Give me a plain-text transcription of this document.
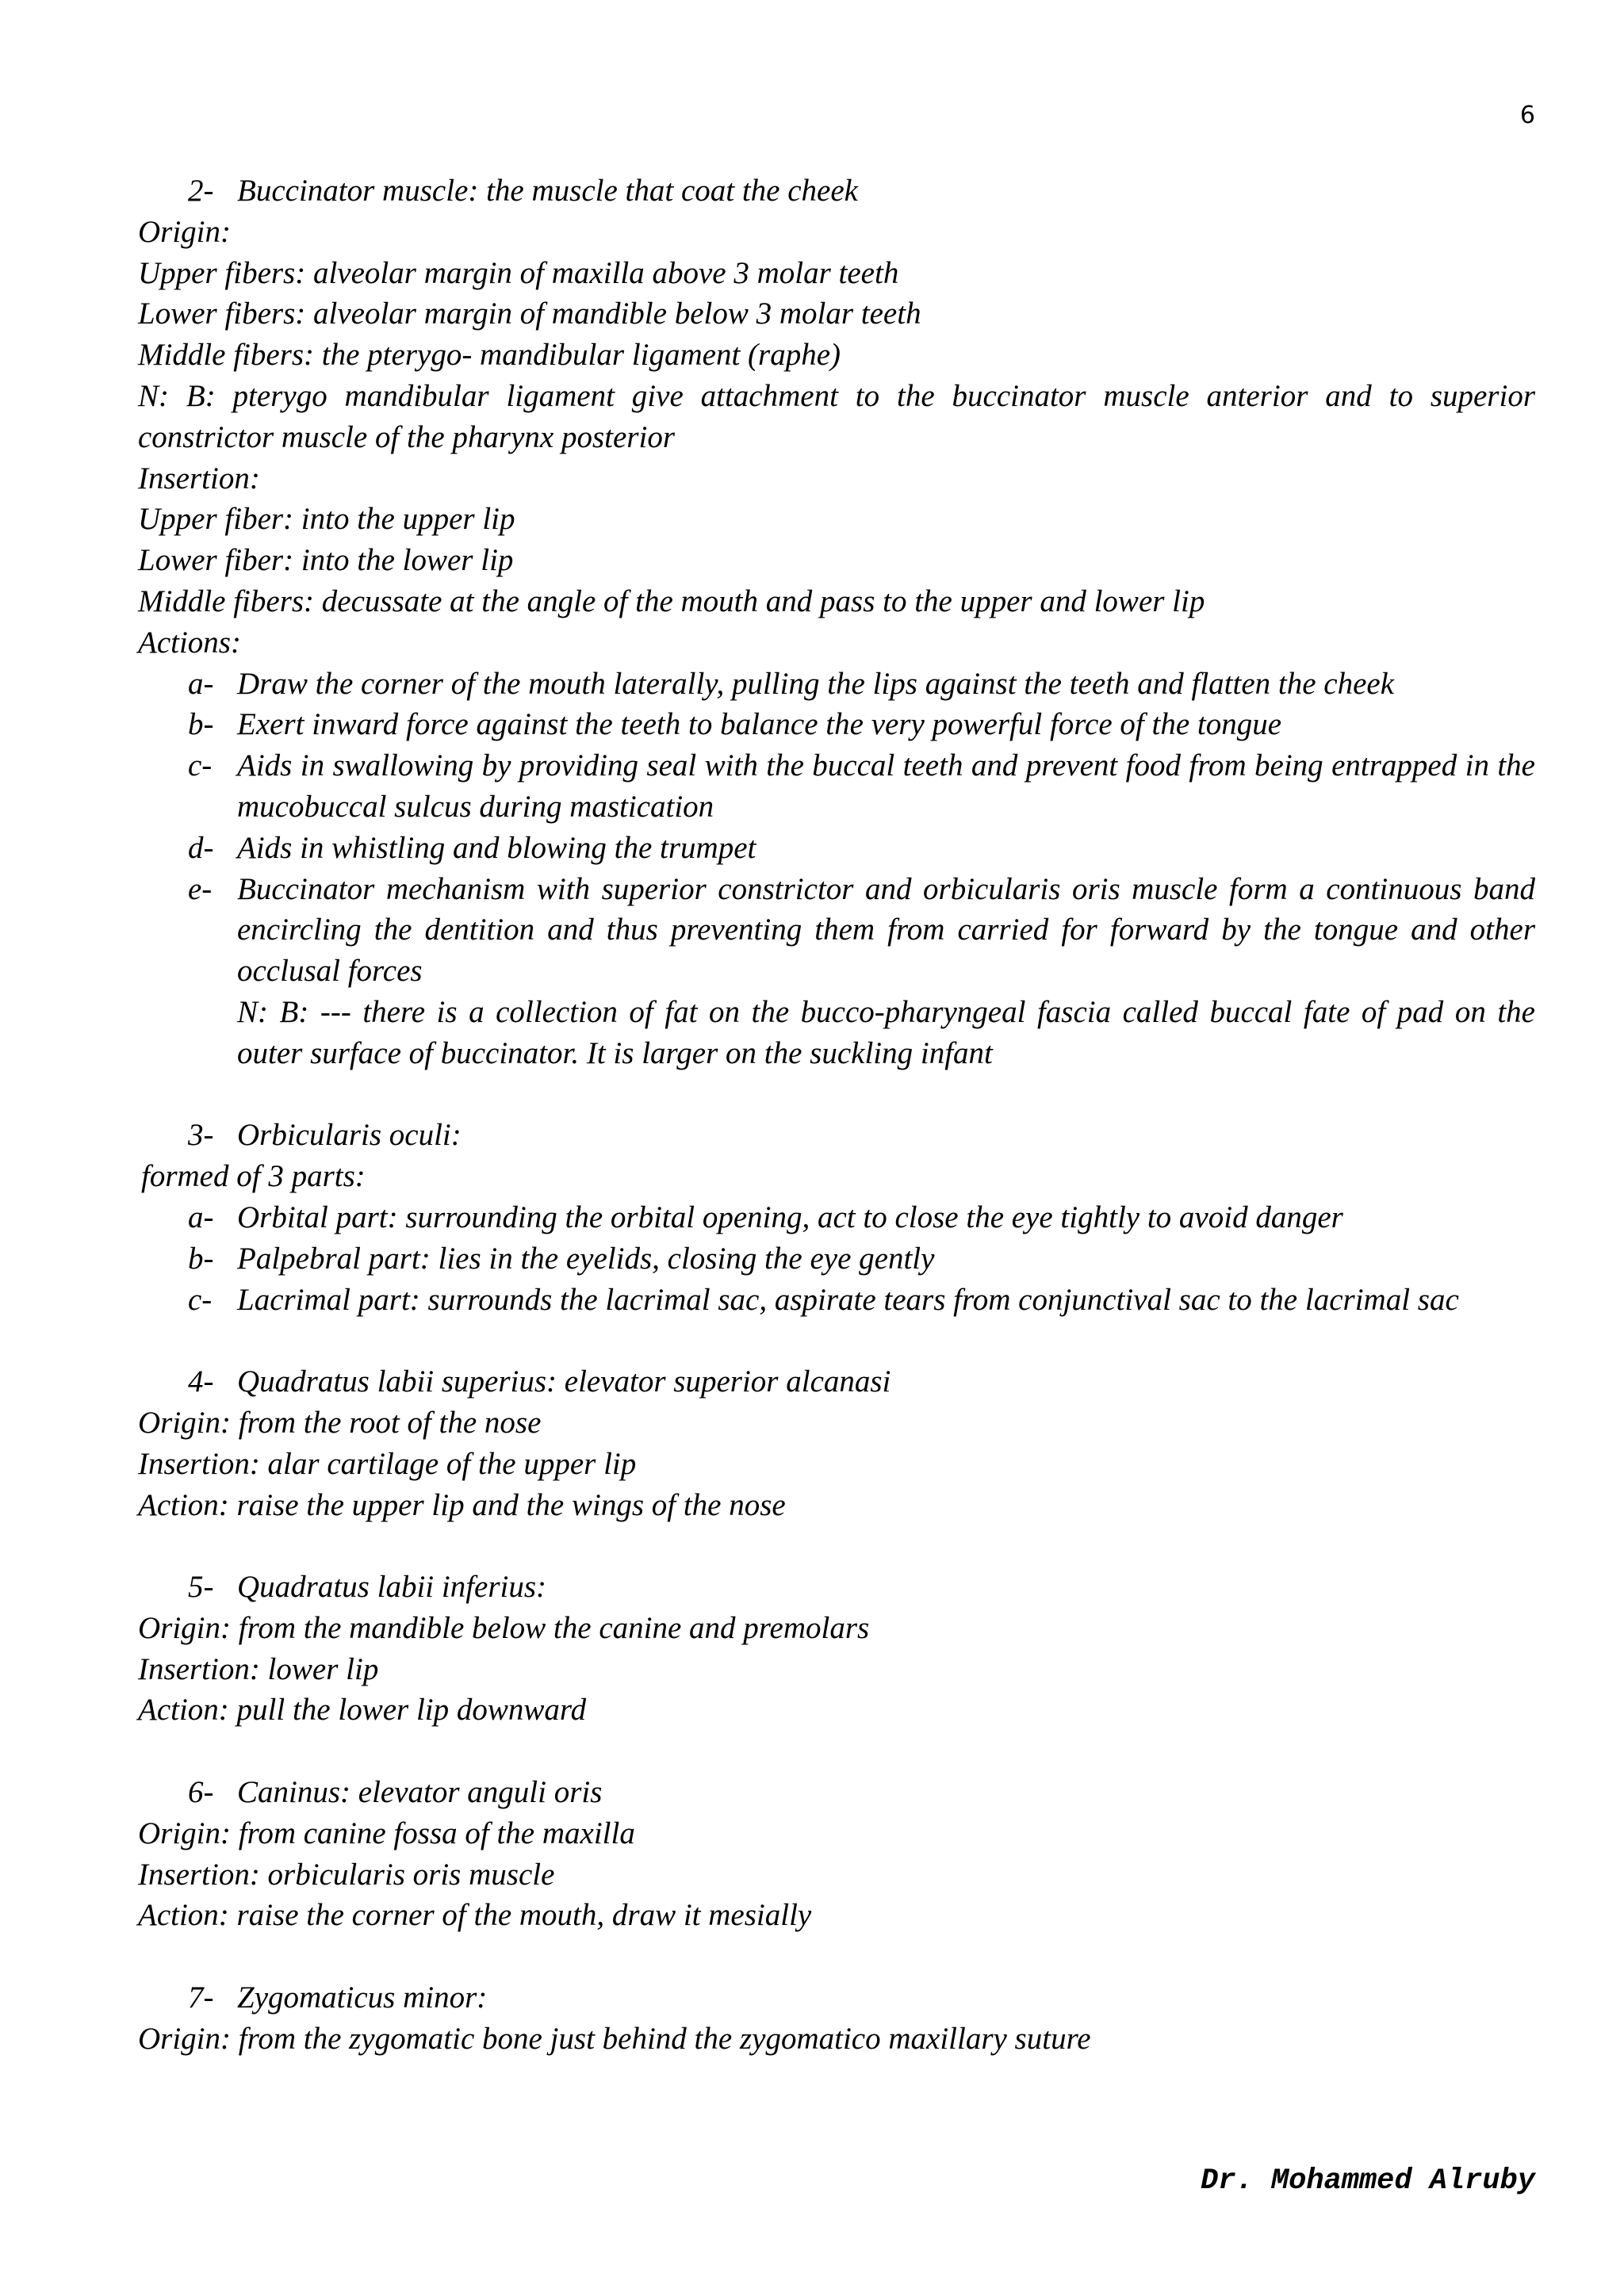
6
2- Buccinator muscle: the muscle that coat the cheek
Origin:
Upper fibers: alveolar margin of maxilla above 3 molar teeth
Lower fibers: alveolar margin of mandible below 3 molar teeth
Middle fibers: the pterygo- mandibular ligament (raphe)
N: B: pterygo mandibular ligament give attachment to the buccinator muscle anterior and to superior constrictor muscle of the pharynx posterior
Insertion:
Upper fiber: into the upper lip
Lower fiber: into the lower lip
Middle fibers: decussate at the angle of the mouth and pass to the upper and lower lip
Actions:
a- Draw the corner of the mouth laterally, pulling the lips against the teeth and flatten the cheek
b- Exert inward force against the teeth to balance the very powerful force of the tongue
c- Aids in swallowing by providing seal with the buccal teeth and prevent food from being entrapped in the mucobuccal sulcus during mastication
d- Aids in whistling and blowing the trumpet
e- Buccinator mechanism with superior constrictor and orbicularis oris muscle form a continuous band encircling the dentition and thus preventing them from carried for forward by the tongue and other occlusal forces
N: B: --- there is a collection of fat on the bucco-pharyngeal fascia called buccal fate of pad on the outer surface of buccinator. It is larger on the suckling infant
3- Orbicularis oculi:
formed of 3 parts:
a- Orbital part: surrounding the orbital opening, act to close the eye tightly to avoid danger
b- Palpebral part: lies in the eyelids, closing the eye gently
c- Lacrimal part: surrounds the lacrimal sac, aspirate tears from conjunctival sac to the lacrimal sac
4- Quadratus labii superius: elevator superior alcanasi
Origin: from the root of the nose
Insertion: alar cartilage of the upper lip
Action: raise the upper lip and the wings of the nose
5- Quadratus labii inferius:
Origin: from the mandible below the canine and premolars
Insertion: lower lip
Action: pull the lower lip downward
6- Caninus: elevator anguli oris
Origin: from canine fossa of the maxilla
Insertion: orbicularis oris muscle
Action: raise the corner of the mouth, draw it mesially
7- Zygomaticus minor:
Origin: from the zygomatic bone just behind the zygomatico maxillary suture
Dr. Mohammed Alruby
